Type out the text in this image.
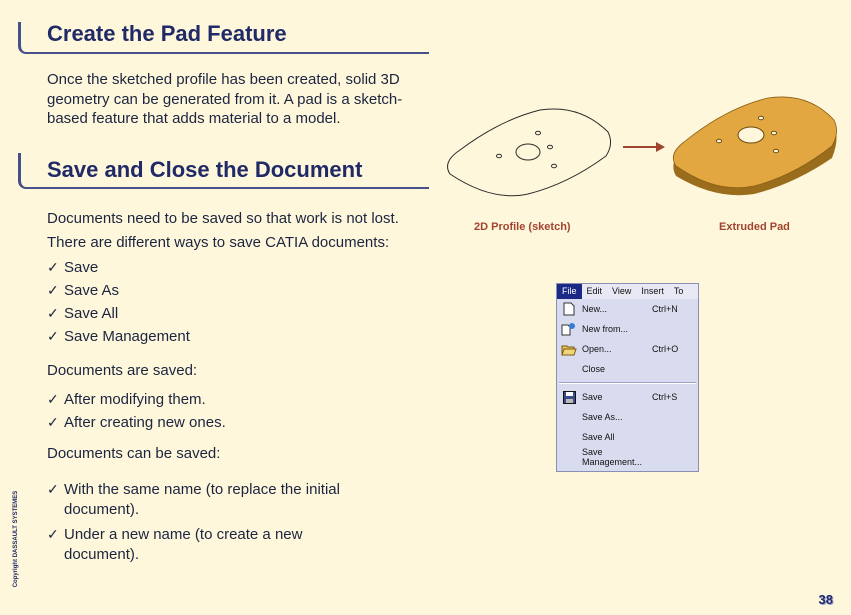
Create the Pad Feature
Once the sketched profile has been created, solid 3D geometry can be generated from it. A pad is a sketch-based feature that adds material to a model.
Save and Close the Document
Documents need to be saved so that work is not lost. There are different ways to save CATIA documents:
✓ Save
✓ Save As
✓ Save All
✓ Save Management
Documents are saved:
✓ After modifying them.
✓ After creating new ones.
Documents can be saved:
✓ With the same name (to replace the initial document).
✓ Under a new name (to create a new document).
2D Profile (sketch)	Extruded Pad
File	Edit	View	Insert	To
New...	Ctrl+N
New from...
Open...	Ctrl+O
Close
Save	Ctrl+S
Save As...
Save All
Save Management...
Copyright DASSAULT SYSTEMES
38
